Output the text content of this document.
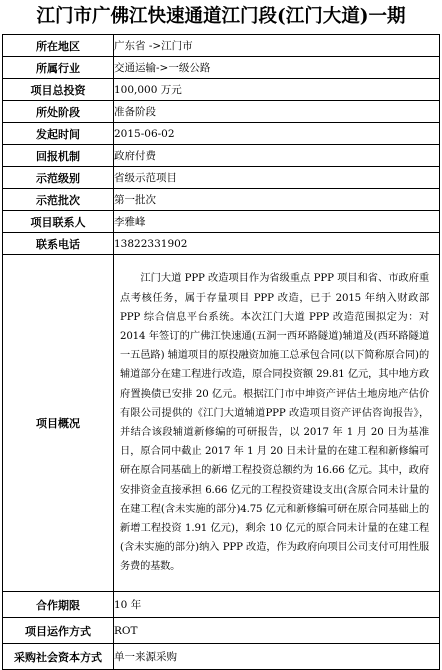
江门市广佛江快速通道江门段(江门大道)一期
所在地区	广东省 ->江门市
所属行业	交通运输->一级公路
项目总投资	100,000 万元
所处阶段	准备阶段
发起时间	2015-06-02
回报机制	政府付费
示范级别	省级示范项目
示范批次	第一批次
项目联系人	李雅峰
联系电话	13822331902
项目概况	江门大道 PPP 改造项目作为省级重点 PPP 项目和省、市政府重点考核任务，属于存量项目 PPP 改造，已于 2015 年纳入财政部 PPP 综合信息平台系统。本次江门大道 PPP 改造范围拟定为：对 2014 年签订的广佛江快速通(五洞一西环路隧道)辅道及(西环路隧道一五邑路) 辅道项目的原投融资加施工总承包合同(以下简称原合同)的辅道部分在建工程进行改造，原合同投资额 29.81 亿元，其中地方政府置换债已安排 20 亿元。根据江门市中坤资产评估土地房地产估价有限公司提供的《江门大道辅道PPP 改造项目资产评估咨询报告》，并结合该段辅道新修编的可研报告，以 2017 年 1 月 20 日为基准日，原合同中截止 2017 年 1 月 20 日未计量的在建工程和新修编可研在原合同基础上的新增工程投资总额约为 16.66 亿元。其中，政府安排资金直接承担 6.66 亿元的工程投资建设支出(含原合同未计量的在建工程(含未实施的部分)4.75 亿元和新修编可研在原合同基础上的新增工程投资 1.91 亿元)，剩余 10 亿元的原合同未计量的在建工程(含未实施的部分)纳入 PPP 改造，作为政府向项目公司支付可用性服务费的基数。

合作期限	10 年
项目运作方式	ROT
采购社会资本方式	单一来源采购
